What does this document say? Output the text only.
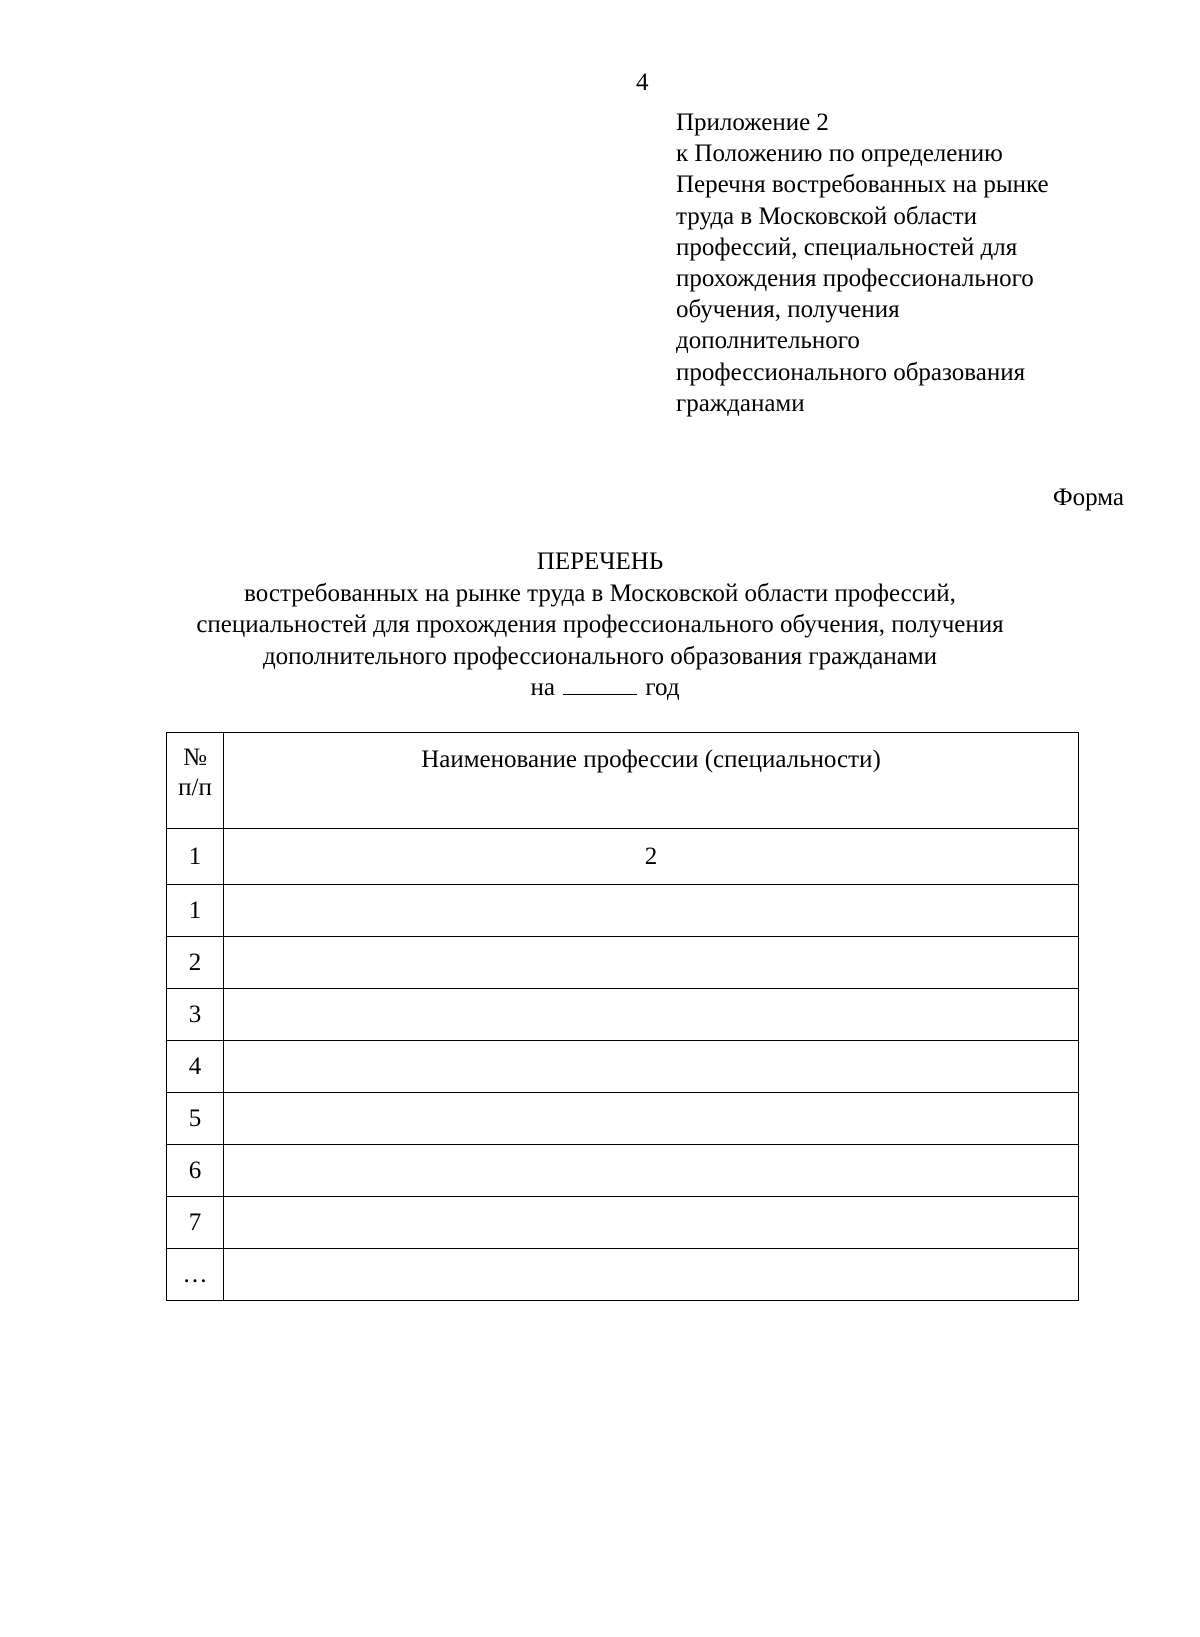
4
Приложение 2
к Положению по определению
Перечня востребованных на рынке
труда в Московской области
профессий, специальностей для
прохождения профессионального
обучения, получения
дополнительного
профессионального образования
гражданами
Форма
ПЕРЕЧЕНЬ
востребованных на рынке труда в Московской области профессий,
специальностей для прохождения профессионального обучения, получения
дополнительного профессионального образования гражданами
на	год
№
п/п	Наименование профессии (специальности)
1	2
1	
2	
3	
4	
5	
6	
7	
…	
